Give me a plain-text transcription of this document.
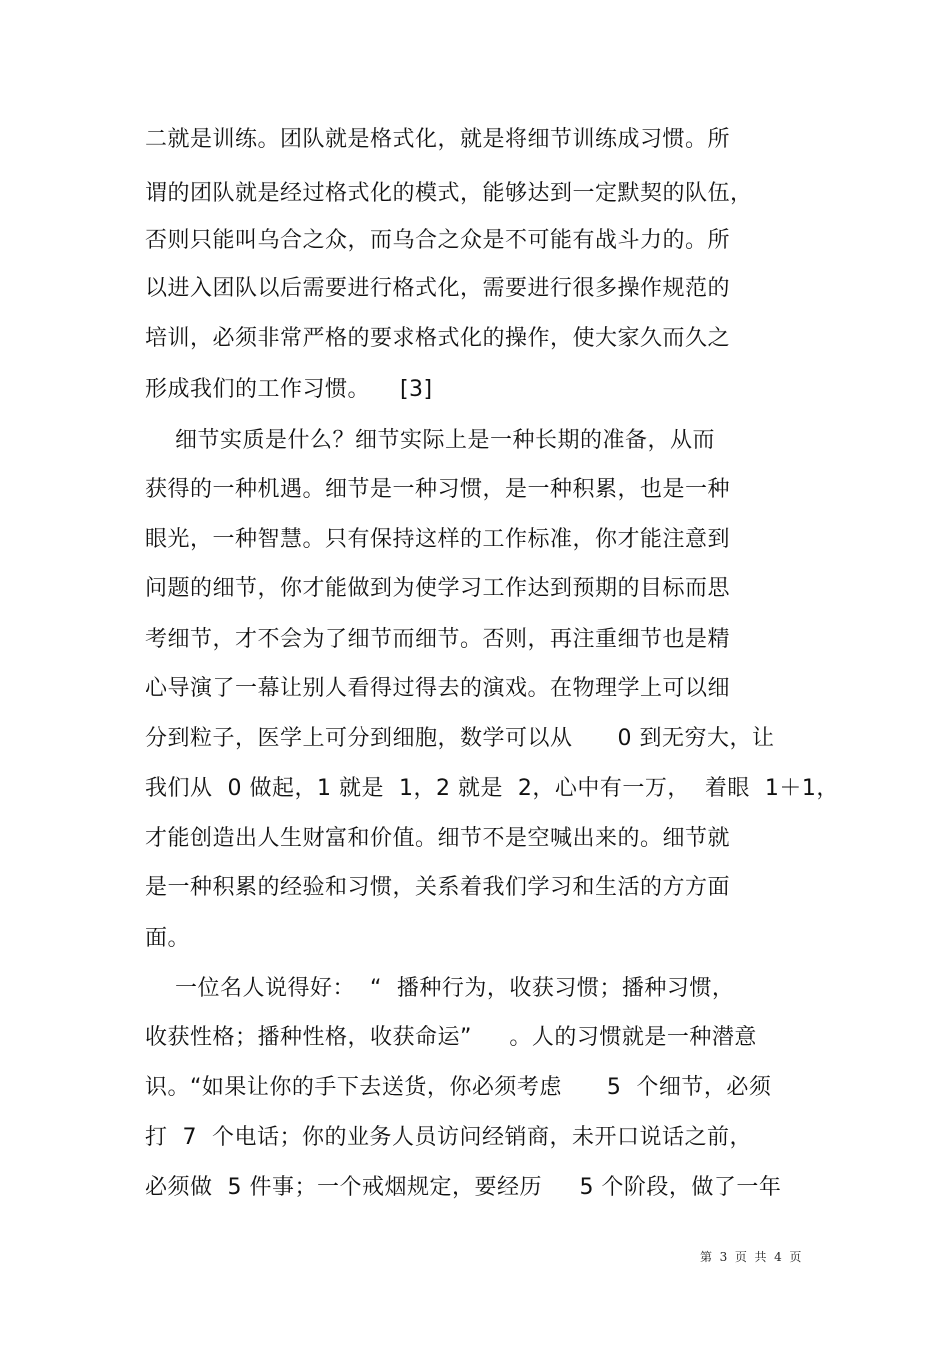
二就是训练。团队就是格式化，就是将细节训练成习惯。所
谓的团队就是经过格式化的模式，能够达到一定默契的队伍，
否则只能叫乌合之众，而乌合之众是不可能有战斗力的。所
以进入团队以后需要进行格式化，需要进行很多操作规范的
培训，必须非常严格的要求格式化的操作，使大家久而久之
形成我们的工作习惯。    [3]
细节实质是什么？细节实际上是一种长期的准备，从而
获得的一种机遇。细节是一种习惯，是一种积累，也是一种
眼光，一种智慧。只有保持这样的工作标准，你才能注意到
问题的细节，你才能做到为使学习工作达到预期的目标而思
考细节，才不会为了细节而细节。否则，再注重细节也是精
心导演了一幕让别人看得过得去的演戏。在物理学上可以细
分到粒子，医学上可分到细胞，数学可以从      0 到无穷大，让
我们从  0 做起，1 就是  1，2 就是  2，心中有一万，  着眼  1＋1，
才能创造出人生财富和价值。细节不是空喊出来的。细节就
是一种积累的经验和习惯，关系着我们学习和生活的方方面
面。
一位名人说得好：  “  播种行为，收获习惯；播种习惯，
收获性格；播种性格，收获命运”     。人的习惯就是一种潜意
识。“如果让你的手下去送货，你必须考虑      5  个细节，必须
打  7  个电话；你的业务人员访问经销商，未开口说话之前，
必须做  5 件事；一个戒烟规定，要经历     5 个阶段，做了一年
第  3  页  共  4  页
